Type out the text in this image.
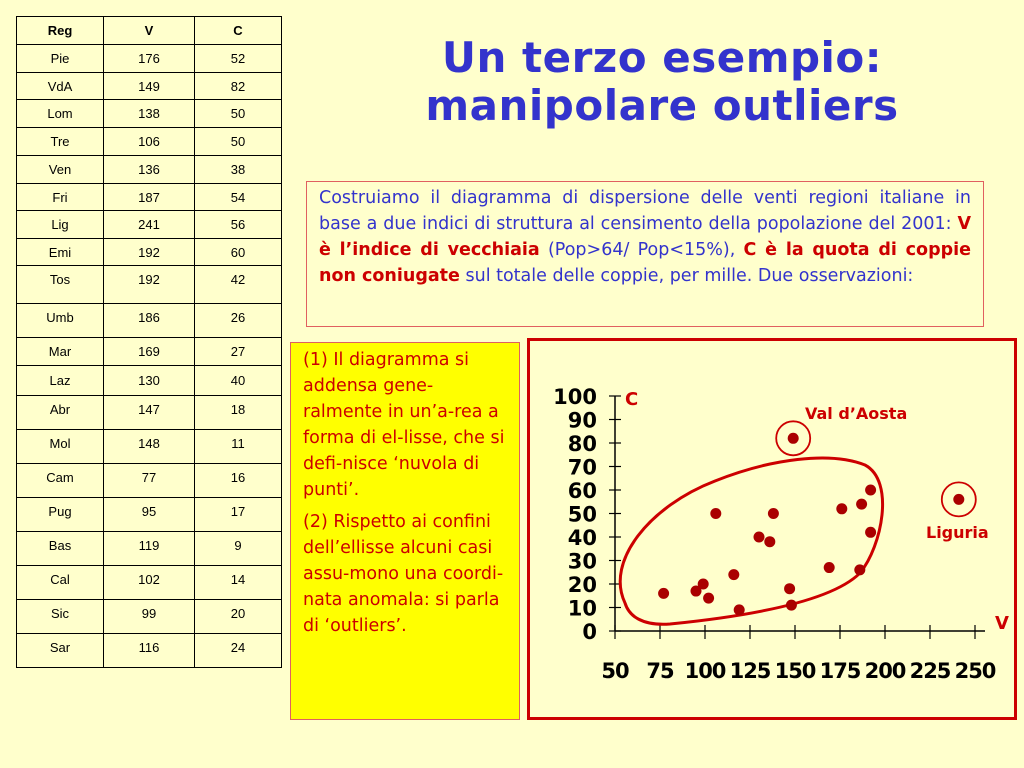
Reg	V	C
Pie	176	52
VdA	149	82
Lom	138	50
Tre	106	50
Ven	136	38
Fri	187	54
Lig	241	56
Emi	192	60
Tos	192	42
Umb	186	26
Mar	169	27
Laz	130	40
Abr	147	18
Mol	148	11
Cam	77	16
Pug	95	17
Bas	119	9
Cal	102	14
Sic	99	20
Sar	116	24
Un terzo esempio:
manipolare outliers
Costruiamo il diagramma di dispersione delle venti regioni italiane in base a due indici di struttura al censimento della popolazione del 2001: V è l’indice di vecchiaia (Pop>64/ Pop<15%), C è la quota di coppie non coniugate sul totale delle coppie, per mille. Due osservazioni:

(1) Il diagramma si addensa gene-ralmente in un’a-rea a forma di el-lisse, che si defi-nisce ‘nuvola di punti’.

(2) Rispetto ai confini dell’ellisse alcuni casi assu-mono una coordi-nata anomala: si parla di ‘outliers’.	0
10
20
30
40
50
60
70
80
90
100
50 75 100 125 150 175 200 225 250
C
V
Val d’Aosta
Liguria
